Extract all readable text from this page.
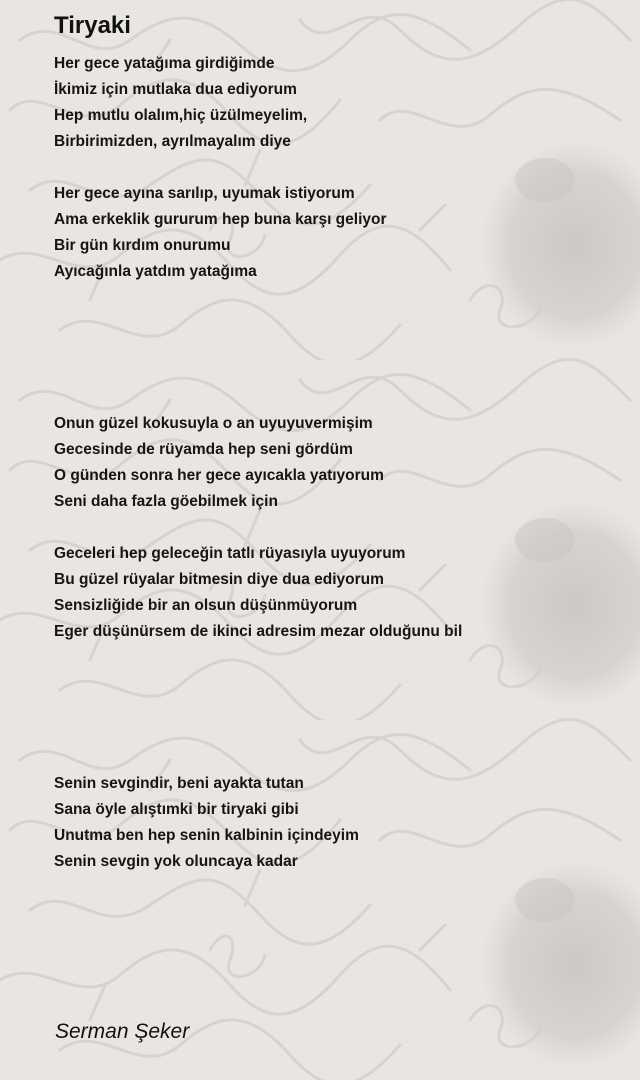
Tiryaki
Her gece yatağıma girdiğimde
İkimiz için mutlaka dua ediyorum
Hep mutlu olalım,hiç üzülmeyelim,
Birbirimizden, ayrılmayalım diye
Her gece ayına sarılıp, uyumak istiyorum
Ama erkeklik gururum hep buna karşı geliyor
Bir gün kırdım onurumu
Ayıcağınla yatdım yatağıma
Onun güzel kokusuyla o an uyuyuvermişim
Gecesinde de rüyamda hep seni gördüm
O günden sonra her gece ayıcakla yatıyorum
Seni daha fazla göebilmek için
Geceleri hep geleceğin tatlı rüyasıyla uyuyorum
Bu güzel rüyalar bitmesin diye dua ediyorum
Sensizliğide bir an olsun düşünmüyorum
Eger düşünürsem de ikinci adresim mezar olduğunu bil
Senin sevgindir, beni ayakta tutan
Sana öyle alıştımki bir tiryaki gibi
Unutma ben hep senin kalbinin içindeyim
Senin sevgin yok oluncaya kadar
Serman Şeker
